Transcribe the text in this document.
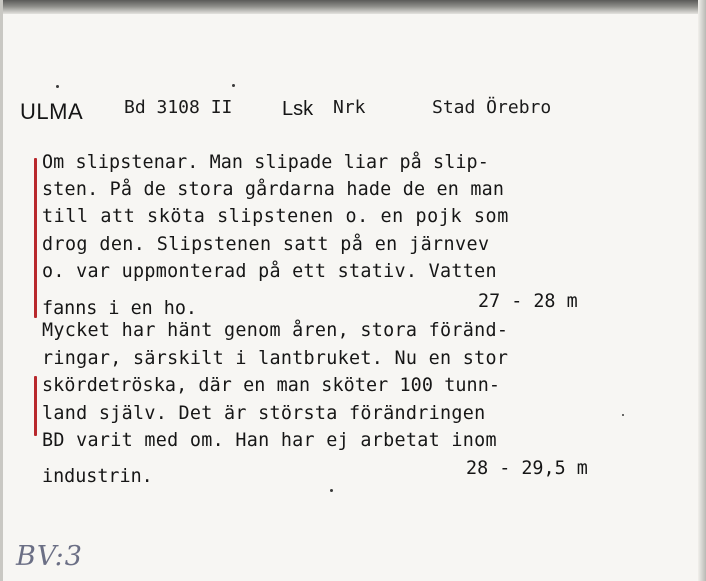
ULMA Bd 3108 II Lsk Nrk	Stad Örebro
Om slipstenar. Man slipade liar på slip-
sten. På de stora gårdarna hade de en man
till att sköta slipstenen o. en pojk som
drog den. Slipstenen satt på en järnvev
o. var uppmonterad på ett stativ. Vatten
fanns i en ho.	27 - 28 m
Mycket har hänt genom åren, stora föränd-
ringar, särskilt i lantbruket. Nu en stor
skördetröska, där en man sköter 100 tunn-
land själv. Det är största förändringen
BD varit med om. Han har ej arbetat inom
industrin.	28 - 29,5 m
BV:3
